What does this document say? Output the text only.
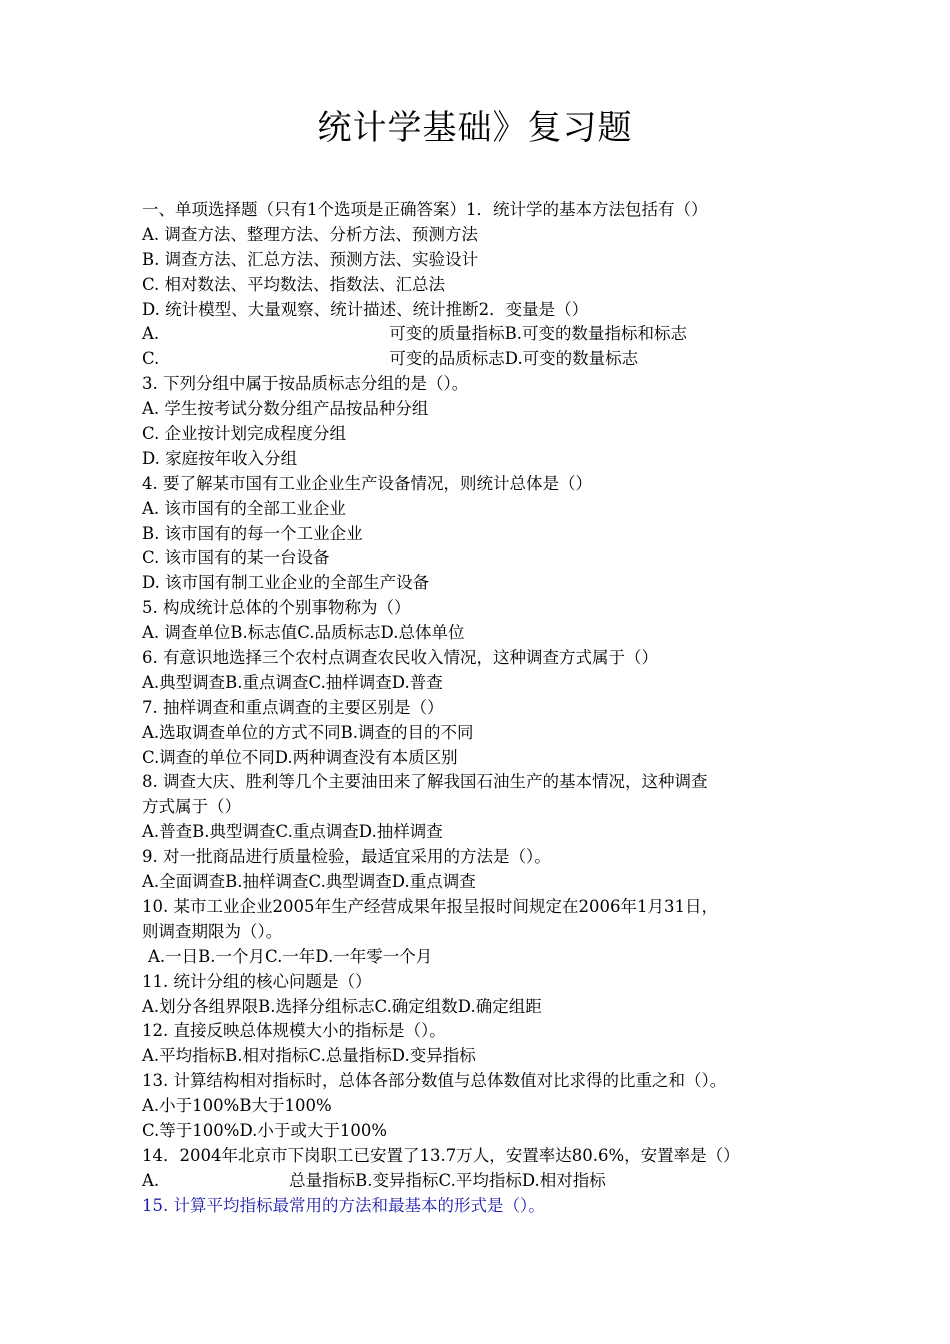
统计学基础》复习题
一、单项选择题（只有1个选项是正确答案）1．统计学的基本方法包括有（）
A. 调查方法、整理方法、分析方法、预测方法
B. 调查方法、汇总方法、预测方法、实验设计
C. 相对数法、平均数法、指数法、汇总法
D. 统计模型、大量观察、统计描述、统计推断2．变量是（）
A.	可变的质量指标B.可变的数量指标和标志
C.	可变的品质标志D.可变的数量标志
3. 下列分组中属于按品质标志分组的是（）。
A. 学生按考试分数分组产品按品种分组
C. 企业按计划完成程度分组
D. 家庭按年收入分组
4. 要了解某市国有工业企业生产设备情况，则统计总体是（）
A. 该市国有的全部工业企业
B. 该市国有的每一个工业企业
C. 该市国有的某一台设备
D. 该市国有制工业企业的全部生产设备
5. 构成统计总体的个别事物称为（）
A. 调查单位B.标志值C.品质标志D.总体单位
6. 有意识地选择三个农村点调查农民收入情况，这种调查方式属于（）
A.典型调查B.重点调查C.抽样调查D.普查
7. 抽样调查和重点调查的主要区别是（）
A.选取调查单位的方式不同B.调查的目的不同
C.调查的单位不同D.两种调查没有本质区别
8. 调查大庆、胜利等几个主要油田来了解我国石油生产的基本情况，这种调查
方式属于（）
A.普查B.典型调查C.重点调查D.抽样调查
9. 对一批商品进行质量检验，最适宜采用的方法是（）。
A.全面调查B.抽样调查C.典型调查D.重点调查
10. 某市工业企业2005年生产经营成果年报呈报时间规定在2006年1月31日，
则调查期限为（）。
A.一日B.一个月C.一年D.一年零一个月
11. 统计分组的核心问题是（）
A.划分各组界限B.选择分组标志C.确定组数D.确定组距
12. 直接反映总体规模大小的指标是（）。
A.平均指标B.相对指标C.总量指标D.变异指标
13. 计算结构相对指标时，总体各部分数值与总体数值对比求得的比重之和（）。
A.小于100%B大于100%
C.等于100%D.小于或大于100%
14．2004年北京市下岗职工已安置了13.7万人，安置率达80.6%，安置率是（）
A.	总量指标B.变异指标C.平均指标D.相对指标
15. 计算平均指标最常用的方法和最基本的形式是（）。
